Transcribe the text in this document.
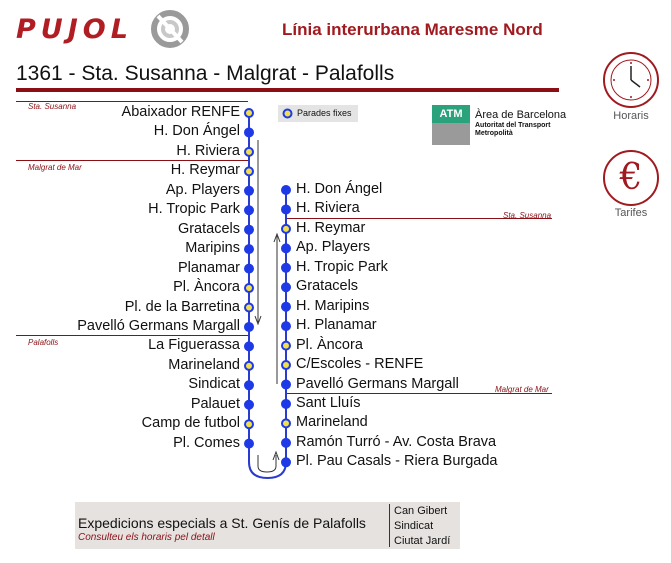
PUJOL	Línia interurbana Maresme Nord
1361 - Sta. Susanna - Malgrat - Palafolls
Parades fixes	ATM	Àrea de Barcelona
Autoritat del Transport
Metropolità
Sta. Susanna
Malgrat de Mar
Palafolls
Sta. Susanna
Malgrat de Mar
Abaixador RENFE
H. Don Ángel
H. Riviera
H. Reymar
Ap. Players
H. Tropic Park
Gratacels
Maripins
Planamar
Pl. Àncora
Pl. de la Barretina
Pavelló Germans Margall
La Figuerassa
Marineland
Sindicat
Palauet
Camp de futbol
Pl. Comes
H. Don Ángel
H. Riviera
H. Reymar
Ap. Players
H. Tropic Park
Gratacels
H. Maripins
H. Planamar
Pl. Àncora
C/Escoles - RENFE
Pavelló Germans Margall
Sant Lluís
Marineland
Ramón Turró - Av. Costa Brava
Pl. Pau Casals - Riera Burgada
Horaris
€
Tarifes
Expedicions especials a St. Genís de Palafolls
Consulteu els horaris pel detall
Can Gibert
Sindicat
Ciutat Jardí
